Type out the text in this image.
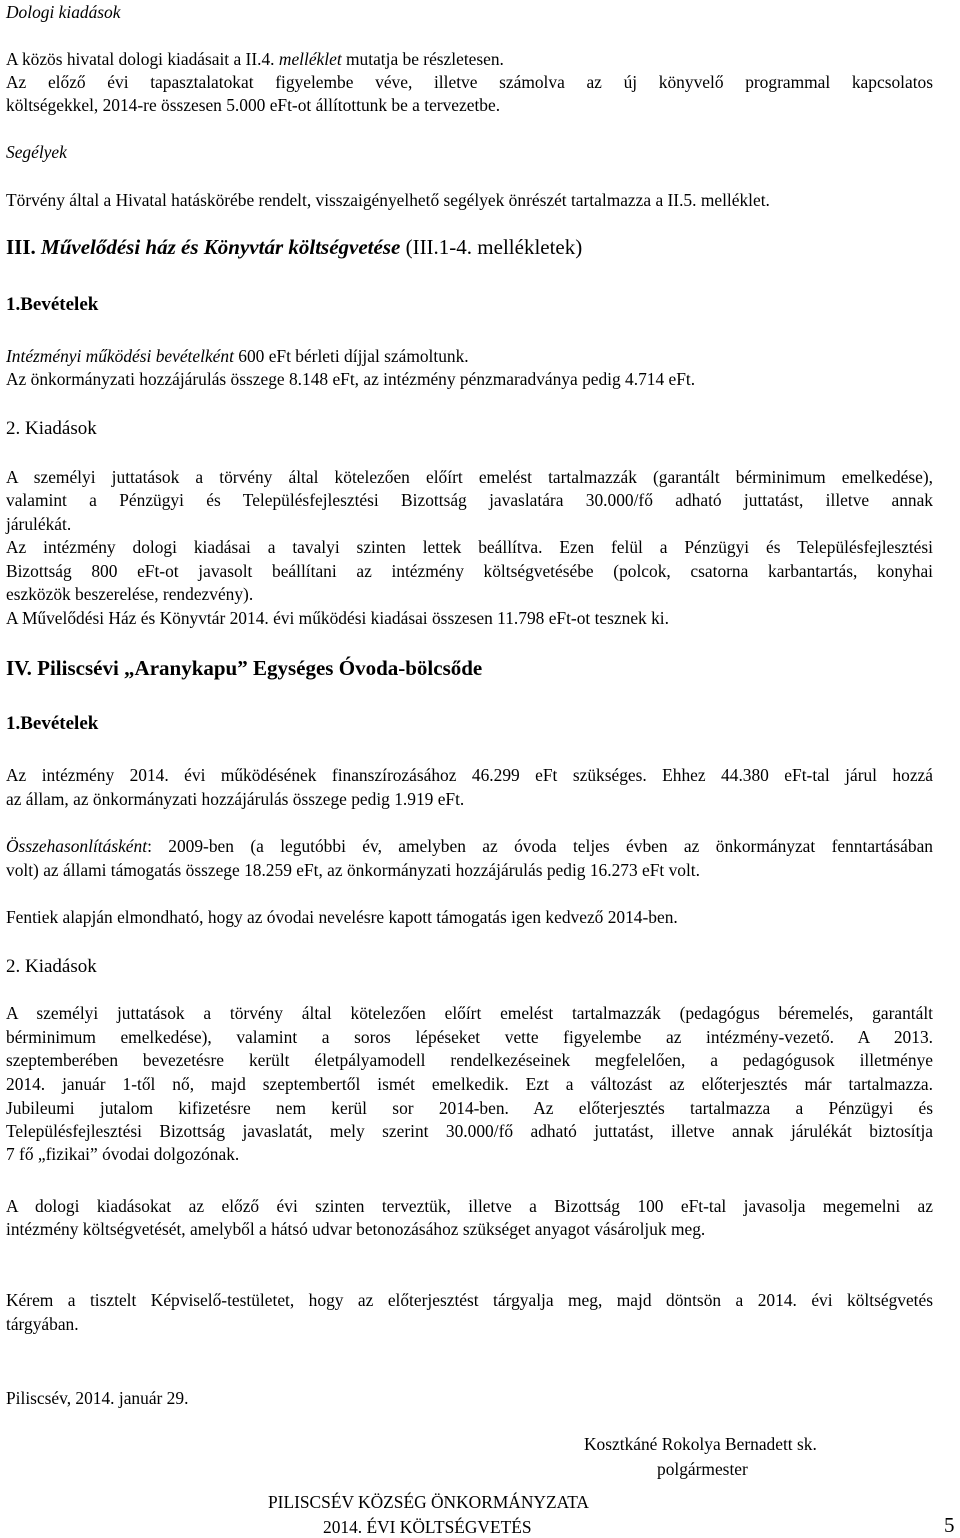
Dologi kiadások
A közös hivatal dologi kiadásait a II.4. melléklet mutatja be részletesen.
Az előző évi tapasztalatokat figyelembe véve, illetve számolva az új könyvelő programmal kapcsolatos
költségekkel, 2014-re összesen 5.000 eFt-ot állítottunk be a tervezetbe.
Segélyek
Törvény által a Hivatal hatáskörébe rendelt, visszaigényelhető segélyek önrészét tartalmazza a II.5. melléklet.
III. Művelődési ház és Könyvtár költségvetése (III.1-4. mellékletek)
1.Bevételek
Intézményi működési bevételként 600 eFt bérleti díjjal számoltunk.
Az önkormányzati hozzájárulás összege 8.148 eFt, az intézmény pénzmaradványa pedig 4.714 eFt.
2. Kiadások
A személyi juttatások a törvény által kötelezően előírt emelést tartalmazzák (garantált bérminimum emelkedése),
valamint a Pénzügyi és Településfejlesztési Bizottság javaslatára 30.000/fő adható juttatást, illetve annak
járulékát.
Az intézmény dologi kiadásai a tavalyi szinten lettek beállítva. Ezen felül a Pénzügyi és Településfejlesztési
Bizottság 800 eFt-ot javasolt beállítani az intézmény költségvetésébe (polcok, csatorna karbantartás, konyhai
eszközök beszerelése, rendezvény).
A Művelődési Ház és Könyvtár 2014. évi működési kiadásai összesen 11.798 eFt-ot tesznek ki.
IV. Piliscsévi „Aranykapu” Egységes Óvoda-bölcsőde
1.Bevételek
Az intézmény 2014. évi működésének finanszírozásához 46.299 eFt szükséges. Ehhez 44.380 eFt-tal járul hozzá
az állam, az önkormányzati hozzájárulás összege pedig 1.919 eFt.
Összehasonlításként: 2009-ben (a legutóbbi év, amelyben az óvoda teljes évben az önkormányzat fenntartásában
volt) az állami támogatás összege 18.259 eFt, az önkormányzati hozzájárulás pedig 16.273 eFt volt.
Fentiek alapján elmondható, hogy az óvodai nevelésre kapott támogatás igen kedvező 2014-ben.
2. Kiadások
A személyi juttatások a törvény által kötelezően előírt emelést tartalmazzák (pedagógus béremelés, garantált
bérminimum emelkedése), valamint a soros lépéseket vette figyelembe az intézmény-vezető. A 2013.
szeptemberében bevezetésre került életpályamodell rendelkezéseinek megfelelően, a pedagógusok illetménye
2014. január 1-től nő, majd szeptembertől ismét emelkedik. Ezt a változást az előterjesztés már tartalmazza.
Jubileumi jutalom kifizetésre nem kerül sor 2014-ben. Az előterjesztés tartalmazza a Pénzügyi és
Településfejlesztési Bizottság javaslatát, mely szerint 30.000/fő adható juttatást, illetve annak járulékát biztosítja
7 fő „fizikai” óvodai dolgozónak.
A dologi kiadásokat az előző évi szinten terveztük, illetve a Bizottság 100 eFt-tal javasolja megemelni az
intézmény költségvetését, amelyből a hátsó udvar betonozásához szükséget anyagot vásároljuk meg.
Kérem a tisztelt Képviselő-testületet, hogy az előterjesztést tárgyalja meg, majd döntsön a 2014. évi költségvetés
tárgyában.
Piliscsév, 2014. január 29.
Kosztkáné Rokolya Bernadett sk.
polgármester
PILISCSÉV KÖZSÉG ÖNKORMÁNYZATA
2014. ÉVI KÖLTSÉGVETÉS	5
